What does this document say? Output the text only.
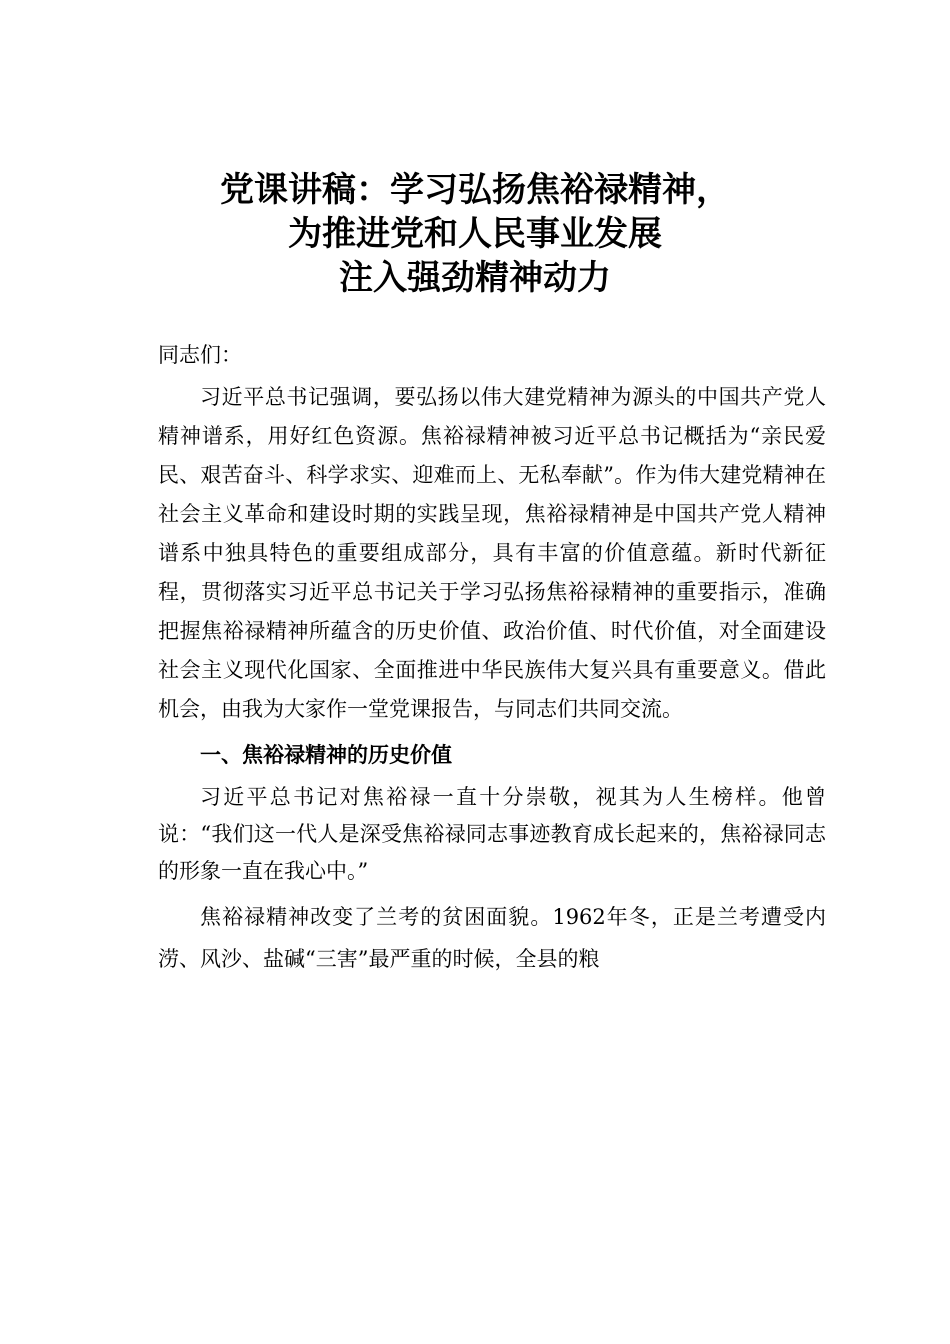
党课讲稿：学习弘扬焦裕禄精神，
为推进党和人民事业发展
注入强劲精神动力

同志们：

习近平总书记强调，要弘扬以伟大建党精神为源头的中国共产党人精神谱系，用好红色资源。焦裕禄精神被习近平总书记概括为“亲民爱民、艰苦奋斗、科学求实、迎难而上、无私奉献”。作为伟大建党精神在社会主义革命和建设时期的实践呈现，焦裕禄精神是中国共产党人精神谱系中独具特色的重要组成部分，具有丰富的价值意蕴。新时代新征程，贯彻落实习近平总书记关于学习弘扬焦裕禄精神的重要指示，准确把握焦裕禄精神所蕴含的历史价值、政治价值、时代价值，对全面建设社会主义现代化国家、全面推进中华民族伟大复兴具有重要意义。借此机会，由我为大家作一堂党课报告，与同志们共同交流。

一、焦裕禄精神的历史价值

习近平总书记对焦裕禄一直十分崇敬，视其为人生榜样。他曾说：“我们这一代人是深受焦裕禄同志事迹教育成长起来的，焦裕禄同志的形象一直在我心中。”

焦裕禄精神改变了兰考的贫困面貌。1962年冬，正是兰考遭受内涝、风沙、盐碱“三害”最严重的时候，全县的粮
